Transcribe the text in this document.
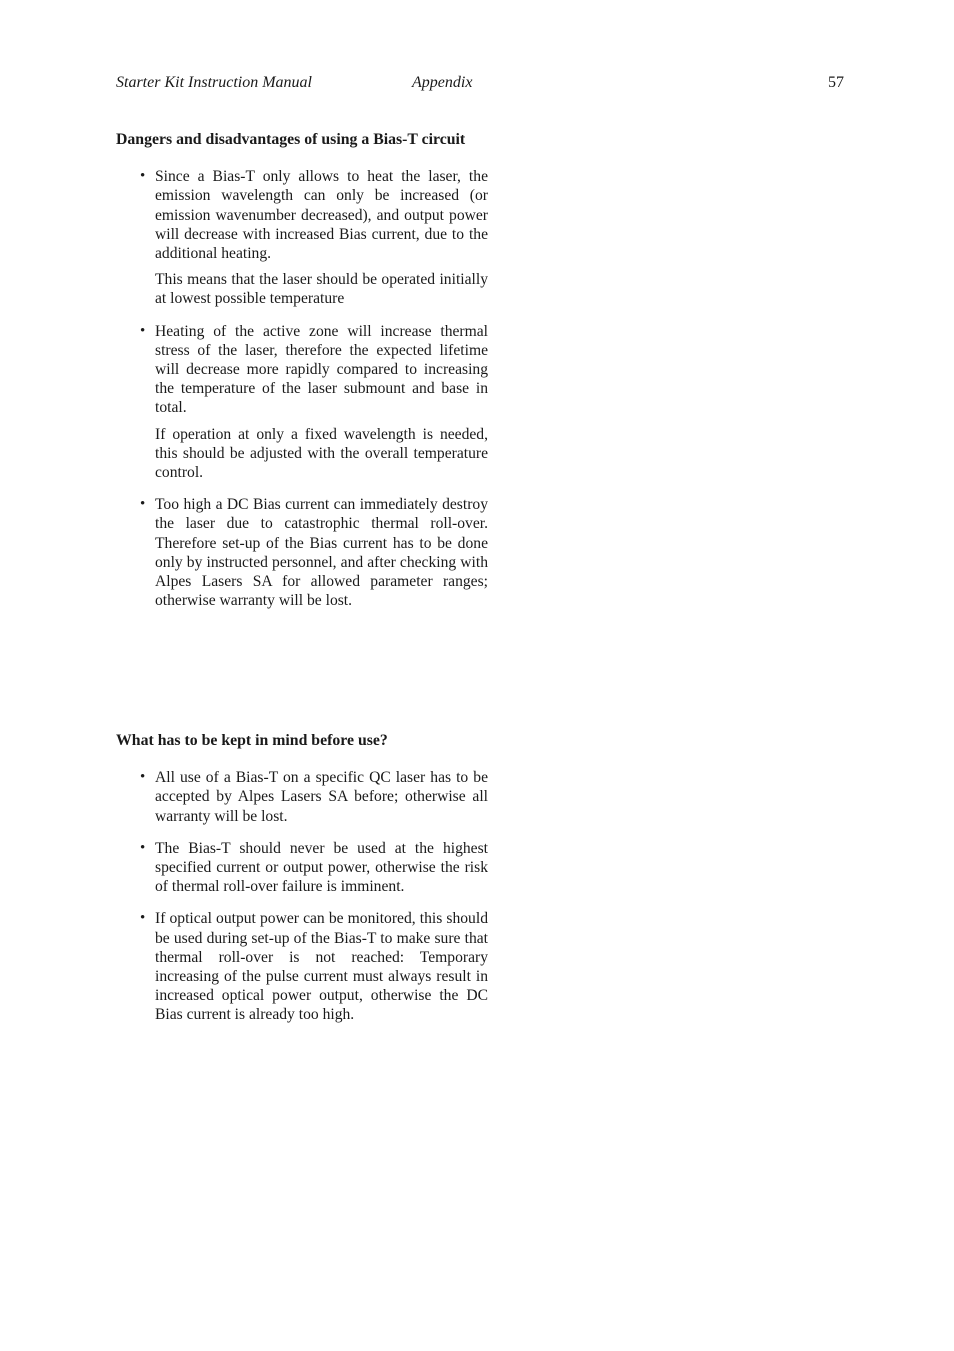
Starter Kit Instruction Manual	Appendix	57
Dangers and disadvantages of using a Bias-T circuit
• Since a Bias-T only allows to heat the laser, the emission wavelength can only be increased (or emission wavenumber decreased), and output power will decrease with increased Bias current, due to the additional heating.

This means that the laser should be operated initially at lowest possible temperature

• Heating of the active zone will increase thermal stress of the laser, therefore the expected lifetime will decrease more rapidly compared to increasing the temperature of the laser submount and base in total.

If operation at only a fixed wavelength is needed, this should be adjusted with the overall temperature control.

• Too high a DC Bias current can immediately destroy the laser due to catastrophic thermal roll-over. Therefore set-up of the Bias current has to be done only by instructed personnel, and after checking with Alpes Lasers SA for allowed parameter ranges; otherwise warranty will be lost.

What has to be kept in mind before use?
• All use of a Bias-T on a specific QC laser has to be accepted by Alpes Lasers SA before; otherwise all warranty will be lost.

• The Bias-T should never be used at the highest specified current or output power, otherwise the risk of thermal roll-over failure is imminent.

• If optical output power can be monitored, this should be used during set-up of the Bias-T to make sure that thermal roll-over is not reached: Temporary increasing of the pulse current must always result in increased optical power output, otherwise the DC Bias current is already too high.
